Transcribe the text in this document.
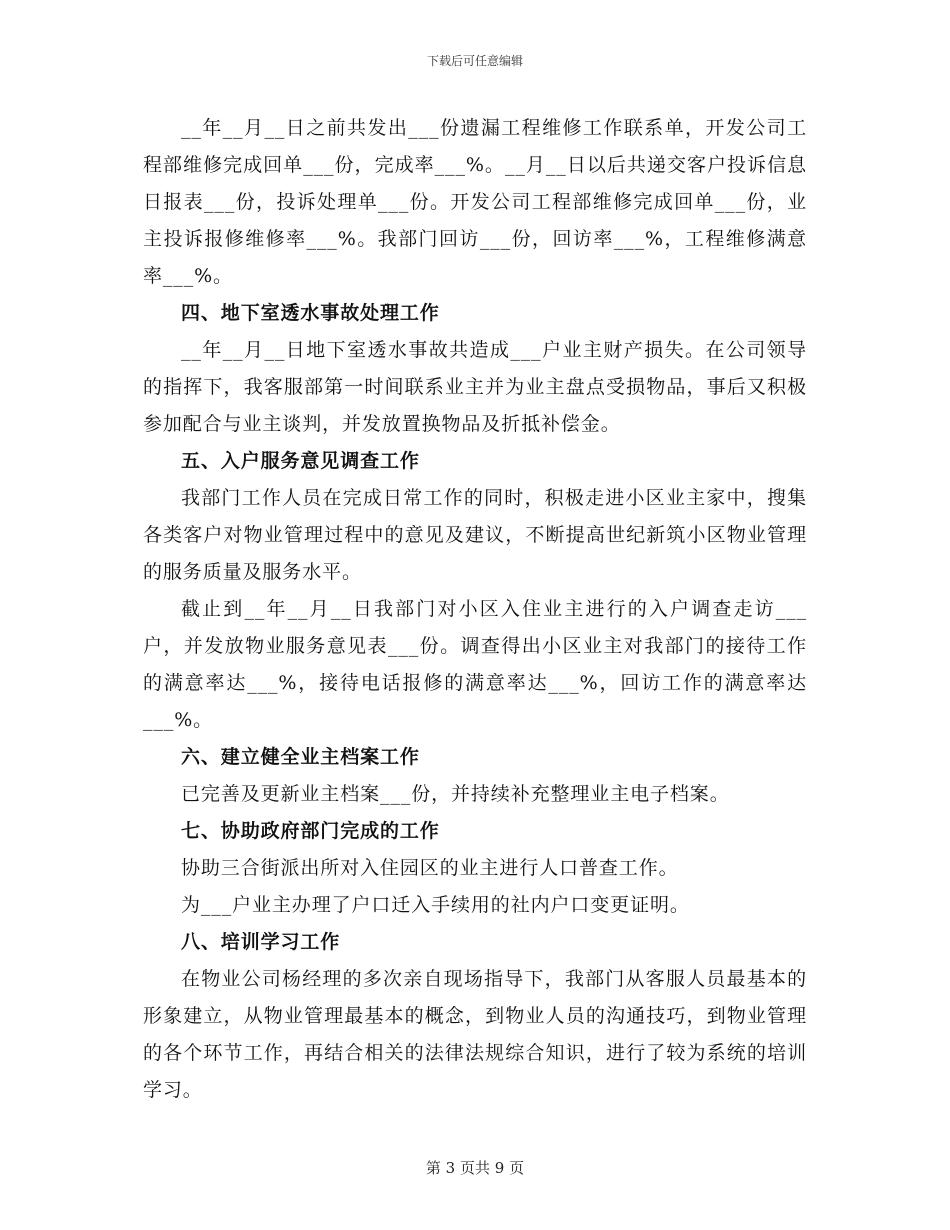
下载后可任意编辑

__年__月__日之前共发出___份遗漏工程维修工作联系单，开发公司工程部维修完成回单___份，完成率___%。__月__日以后共递交客户投诉信息日报表___份，投诉处理单___份。开发公司工程部维修完成回单___份，业主投诉报修维修率___%。我部门回访___份，回访率___%，工程维修满意率___%。

四、地下室透水事故处理工作

__年__月__日地下室透水事故共造成___户业主财产损失。在公司领导的指挥下，我客服部第一时间联系业主并为业主盘点受损物品，事后又积极参加配合与业主谈判，并发放置换物品及折抵补偿金。

五、入户服务意见调查工作

我部门工作人员在完成日常工作的同时，积极走进小区业主家中，搜集各类客户对物业管理过程中的意见及建议，不断提高世纪新筑小区物业管理的服务质量及服务水平。

截止到__年__月__日我部门对小区入住业主进行的入户调查走访___户，并发放物业服务意见表___份。调查得出小区业主对我部门的接待工作的满意率达___%，接待电话报修的满意率达___%，回访工作的满意率达___%。

六、建立健全业主档案工作

已完善及更新业主档案___份，并持续补充整理业主电子档案。

七、协助政府部门完成的工作

协助三合街派出所对入住园区的业主进行人口普查工作。

为___户业主办理了户口迁入手续用的社内户口变更证明。

八、培训学习工作

在物业公司杨经理的多次亲自现场指导下，我部门从客服人员最基本的形象建立，从物业管理最基本的概念，到物业人员的沟通技巧，到物业管理的各个环节工作，再结合相关的法律法规综合知识，进行了较为系统的培训学习。

第 3 页共 9 页
